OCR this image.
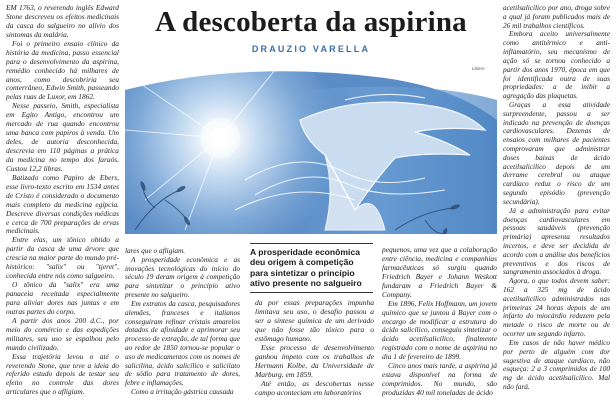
EM 1763, o reverendo inglês Edward Stone descreveu os efeitos medicinais da casca do salgueiro no alívio dos sintomas da malária.

Foi o primeiro ensaio clínico da história da medicina, passo essencial para o desenvolvimento da aspirina, remédio conhecido há milhares de anos, como descobriria seu conterrâneo, Edwin Smith, passeando pelas ruas de Luxor, em 1862.

Nesse passeio, Smith, especialista em Egito Antigo, encontrou um mercado de rua quando encontrou uma banca com papiros à venda. Um deles, de autoria desconhecida, descrevia em 110 páginas a prática da medicina no tempo dos faraós. Custou 12,2 libras.

Batizado como Papiro de Ebers, esse livro-texto escrito em 1534 antes de Cristo é considerado o documento mais completo da medicina egípcia. Descreve diversas condições médicas e cerca de 700 preparações de ervas medicinais.

Entre elas, um tônico obtido a partir da casca de uma árvore que crescia na maior parte do mundo pré-histórico: "salix" ou "tjeret", conhecida entre nós como salgueiro.

O tônico da "salix" era uma panaceia receitada especialmente para aliviar dores nas juntas e em outras partes do corpo.

A partir dos anos 200 d.C., por meio do comércio e das expedições militares, seu uso se espalhou pelo mundo civilizado.

Essa trajetória levou o até o reverendo Stone, que teve a ideia do referido estudo depois de testar seu efeito no controle das dores articulares que o afligiam.

A descoberta da aspirina
DRAUZIO VARELLA
Libero

lares que o afligiam.

A prosperidade econômica e as inovações tecnológicas do início do século 19 deram origem à competição para sintetizar o princípio ativo presente no salgueiro.

Em extratos da casca, pesquisadores alemães, franceses e italianos conseguiram refinar cristais amarelos dotados de afinidade e aprimorar seu processo de extração, de tal forma que ao redor de 1850 tornou-se popular o uso de medicamentos com os nomes de salicilina, ácido salicílico e salicilato de sódio para tratamento de dores, febre e inflamações.

Como a irritação gástrica causada

A prosperidade econômica deu origem à competição para sintetizar o princípio ativo presente no salgueiro

da por essas preparações impunha limitava seu uso, o desafio passou a ser a síntese química de um derivado que não fosse tão tóxico para o estômago humano.

Esse processo de desenvolvimento ganhou ímpeto com os trabalhos de Hermann Kolbe, da Universidade de Marburg, em 1859.

Até então, as descobertas nesse campo aconteciam em laboratórios

pequenos, uma vez que a colaboração entre ciência, medicina e companhias farmacêuticas só surgiu quando Friedrich Bayer e Johann Weskott fundaram a Friedrich Bayer & Company.

Em 1896, Felix Hoffmann, um jovem químico que se juntou à Bayer com o encargo de modificar a estrutura do ácido salicílico, conseguiu sintetizar o ácido acetilsalicílico, finalmente registrado com o nome de aspirina no dia 1 de fevereiro de 1899.

Cinco anos mais tarde, a aspirina já estava disponível na forma de comprimidos. No mundo, são produzidas 40 mil toneladas de ácido

acetilsalicílico por ano, droga sobre a qual já foram publicados mais de 26 mil trabalhos científicos.

Embora aceito universalmente como antitérmico e anti-inflamatório, seu mecanismo de ação só se tornou conhecido a partir dos anos 1970, época em que foi identificada outra de suas propriedades: a de inibir a agregação das plaquetas.

Graças a essa atividade surpreendente, passou a ser indicado na prevenção de doenças cardiovasculares. Dezenas de ensaios com milhares de pacientes comprovaram que administrar doses baixas de ácido acetilsalicílico depois de um derrame cerebral ou ataque cardíaco reduz o risco de um segundo episódio (prevenção secundária).

Já a administração para evitar doenças cardiovasculares em pessoas saudáveis (prevenção primária) apresenta resultados incertos, e deve ser decidida de acordo com a análise dos benefícios preventivos e dos riscos de sangramento associados à droga.

Agora, o que todos devem saber: 162 a 325 mg de ácido acetilsalicílico administrados nas primeiras 24 horas depois de um infarto do miocárdio reduzem pela metade o risco de morte ou de ocorrer um segundo infarto.

Em casos de não haver médico por perto de alguém com dor sugestiva de ataque cardíaco, não esqueça: 2 a 3 comprimidos de 100 mg de ácido acetilsalicílico. Mal não fará.
